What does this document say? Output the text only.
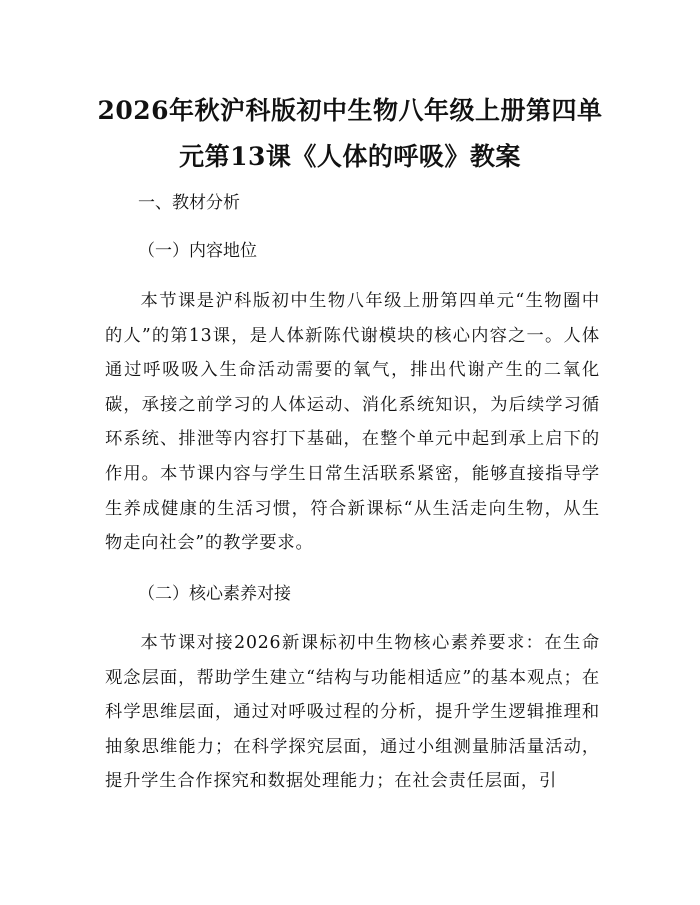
2026年秋沪科版初中生物八年级上册第四单元第13课《人体的呼吸》教案
一、教材分析
（一）内容地位
本节课是沪科版初中生物八年级上册第四单元“生物圈中的人”的第13课，是人体新陈代谢模块的核心内容之一。人体通过呼吸吸入生命活动需要的氧气，排出代谢产生的二氧化碳，承接之前学习的人体运动、消化系统知识，为后续学习循环系统、排泄等内容打下基础，在整个单元中起到承上启下的作用。本节课内容与学生日常生活联系紧密，能够直接指导学生养成健康的生活习惯，符合新课标“从生活走向生物，从生物走向社会”的教学要求。
（二）核心素养对接
本节课对接2026新课标初中生物核心素养要求：在生命观念层面，帮助学生建立“结构与功能相适应”的基本观点；在科学思维层面，通过对呼吸过程的分析，提升学生逻辑推理和抽象思维能力；在科学探究层面，通过小组测量肺活量活动，提升学生合作探究和数据处理能力；在社会责任层面，引
